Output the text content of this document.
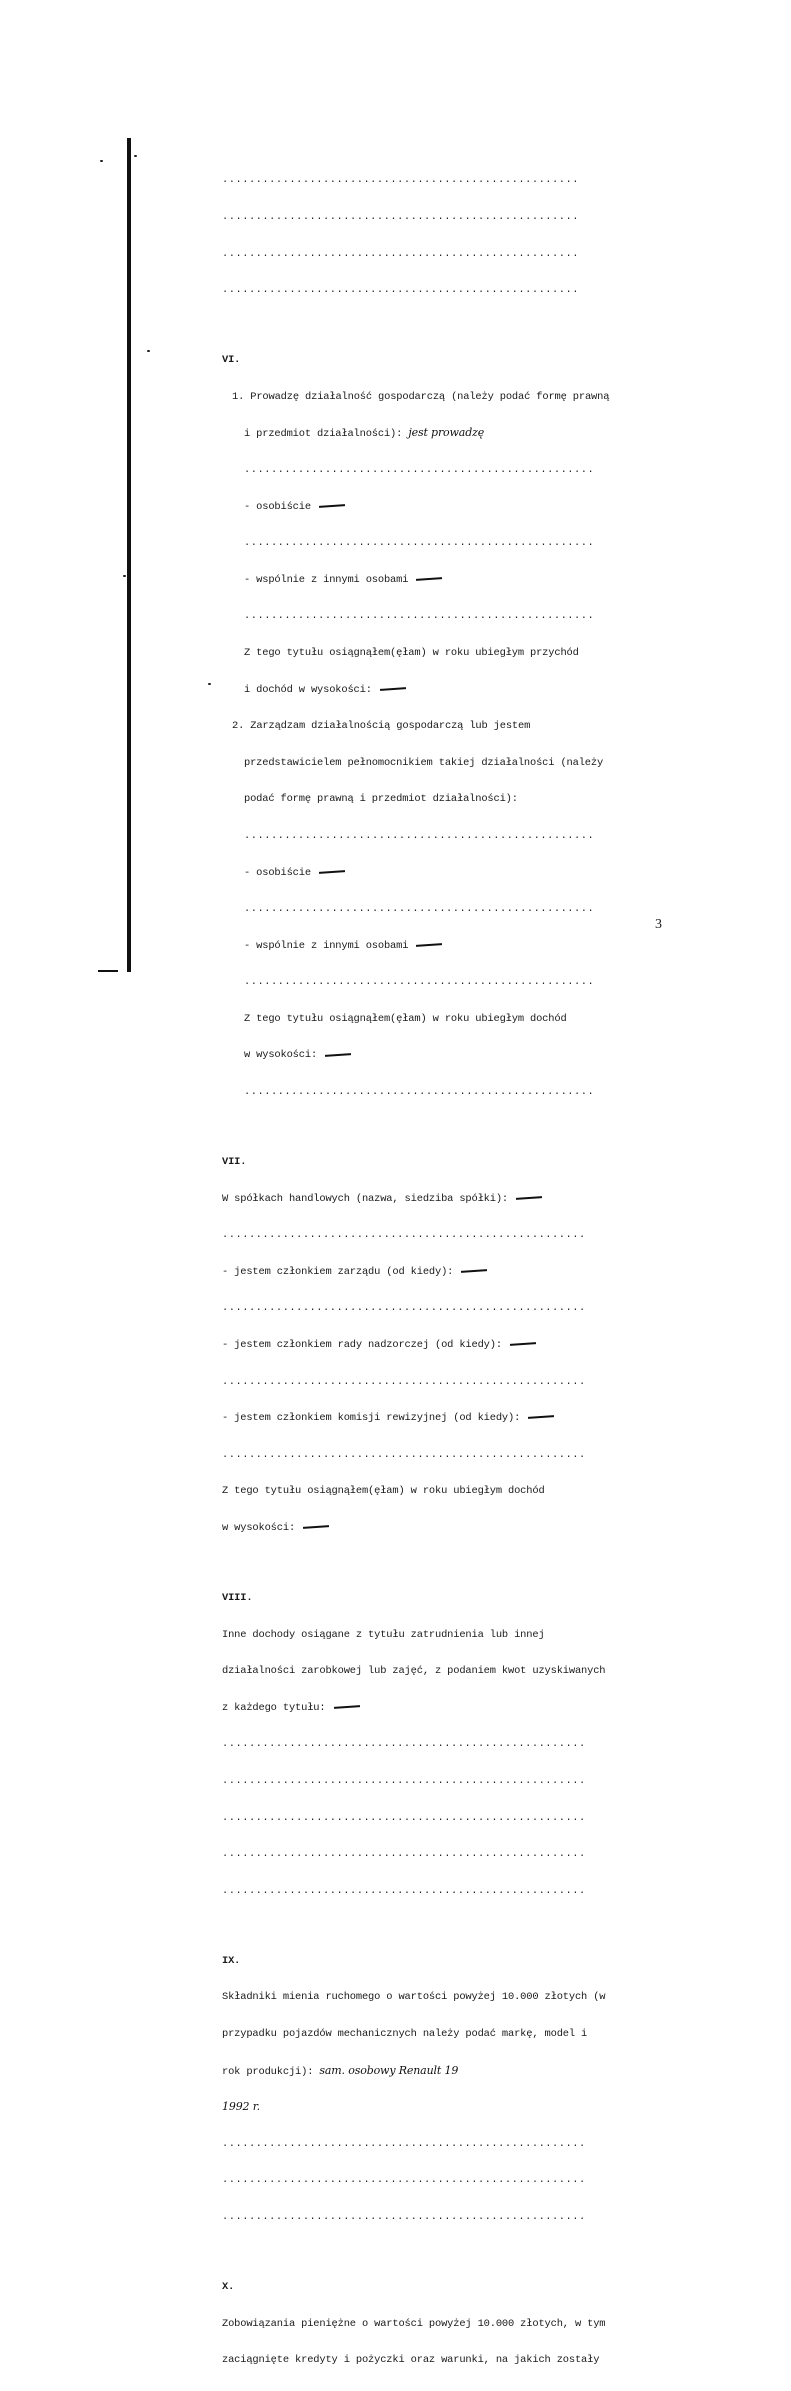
.....................................................

.....................................................

.....................................................

.....................................................

VI.

1. Prowadzę działalność gospodarczą (należy podać formę prawną

i przedmiot działalności): jest prowadzę

....................................................

- osobiście

....................................................

- wspólnie z innymi osobami

....................................................

Z tego tytułu osiągnąłem(ęłam) w roku ubiegłym przychód

i dochód w wysokości:

2. Zarządzam działalnością gospodarczą lub jestem

przedstawicielem pełnomocnikiem takiej działalności (należy

podać formę prawną i przedmiot działalności):

....................................................

- osobiście

....................................................

- wspólnie z innymi osobami

....................................................

Z tego tytułu osiągnąłem(ęłam) w roku ubiegłym dochód

w wysokości:

....................................................

VII.

W spółkach handlowych (nazwa, siedziba spółki):

......................................................

- jestem członkiem zarządu (od kiedy):

......................................................

- jestem członkiem rady nadzorczej (od kiedy):

......................................................

- jestem członkiem komisji rewizyjnej (od kiedy):

......................................................

Z tego tytułu osiągnąłem(ęłam) w roku ubiegłym dochód

w wysokości:

VIII.

Inne dochody osiągane z tytułu zatrudnienia lub innej

działalności zarobkowej lub zajęć, z podaniem kwot uzyskiwanych

z każdego tytułu:

......................................................

......................................................

......................................................

......................................................

......................................................

IX.

Składniki mienia ruchomego o wartości powyżej 10.000 złotych (w

przypadku pojazdów mechanicznych należy podać markę, model i

rok produkcji): sam. osobowy Renault 19

1992 r.

......................................................

......................................................

......................................................

X.

Zobowiązania pieniężne o wartości powyżej 10.000 złotych, w tym

zaciągnięte kredyty i pożyczki oraz warunki, na jakich zostały

3
